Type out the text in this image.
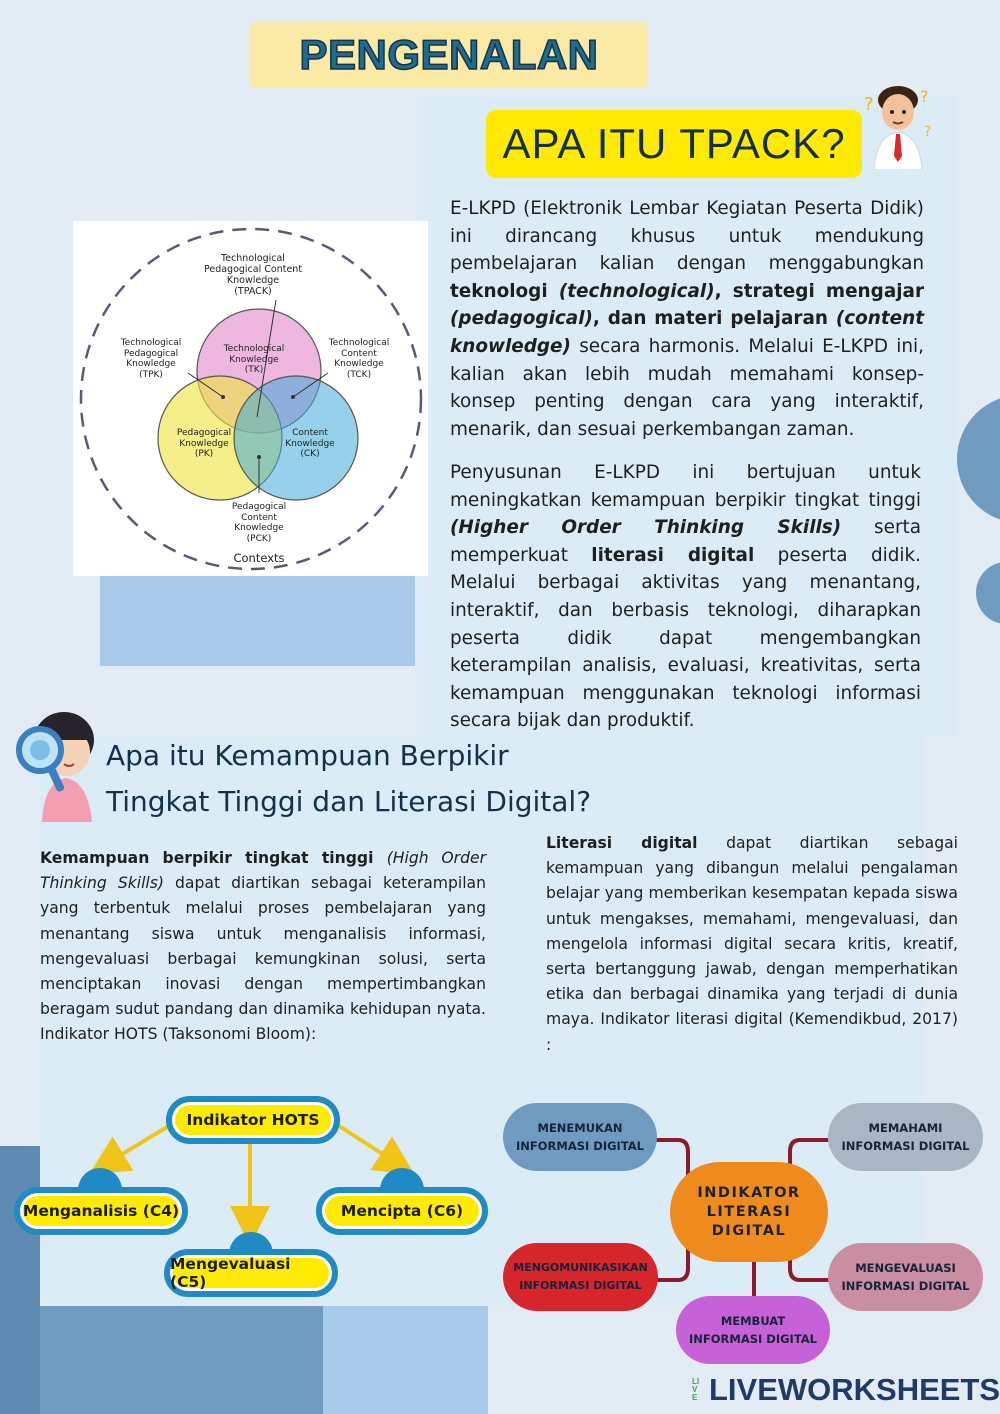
PENGENALAN
APA ITU TPACK?
?	?
?
Technological
Pedagogical Content
Knowledge
(TPACK)
Technological
Pedagogical
Knowledge
(TPK)
Technological
Content
Knowledge
(TCK)
Technological
Knowledge
(TK)
Pedagogical
Knowledge
(PK)
Content
Knowledge
(CK)
Pedagogical
Content
Knowledge
(PCK)
Contexts
E-LKPD (Elektronik Lembar Kegiatan Peserta Didik) ini dirancang khusus untuk mendukung pembelajaran kalian dengan menggabungkan teknologi (technological), strategi mengajar (pedagogical), dan materi pelajaran (content knowledge) secara harmonis. Melalui E-LKPD ini, kalian akan lebih mudah memahami konsep-konsep penting dengan cara yang interaktif, menarik, dan sesuai perkembangan zaman.
Penyusunan E-LKPD ini bertujuan untuk meningkatkan kemampuan berpikir tingkat tinggi (Higher Order Thinking Skills) serta memperkuat literasi digital peserta didik. Melalui berbagai aktivitas yang menantang, interaktif, dan berbasis teknologi, diharapkan peserta didik dapat mengembangkan keterampilan analisis, evaluasi, kreativitas, serta kemampuan menggunakan teknologi informasi secara bijak dan produktif.
Apa itu Kemampuan Berpikir
Tingkat Tinggi dan Literasi Digital?
Kemampuan berpikir tingkat tinggi (High Order Thinking Skills) dapat diartikan sebagai keterampilan yang terbentuk melalui proses pembelajaran yang menantang siswa untuk menganalisis informasi, mengevaluasi berbagai kemungkinan solusi, serta menciptakan inovasi dengan mempertimbangkan beragam sudut pandang dan dinamika kehidupan nyata. Indikator HOTS (Taksonomi Bloom):
Literasi digital dapat diartikan sebagai kemampuan yang dibangun melalui pengalaman belajar yang memberikan kesempatan kepada siswa untuk mengakses, memahami, mengevaluasi, dan mengelola informasi digital secara kritis, kreatif, serta bertanggung jawab, dengan memperhatikan etika dan berbagai dinamika yang terjadi di dunia maya. Indikator literasi digital (Kemendikbud, 2017) :
Indikator HOTS
Menganalisis (C4)	Mencipta (C6)
Mengevaluasi (C5)
INDIKATOR
LITERASI
DIGITAL
MENEMUKAN
INFORMASI DIGITAL
MEMAHAMI
INFORMASI DIGITAL
MENGOMUNIKASIKAN
INFORMASI DIGITAL
MENGEVALUASI
INFORMASI DIGITAL
MEMBUAT
INFORMASI DIGITAL
LIVE LIVEWORKSHEETS
